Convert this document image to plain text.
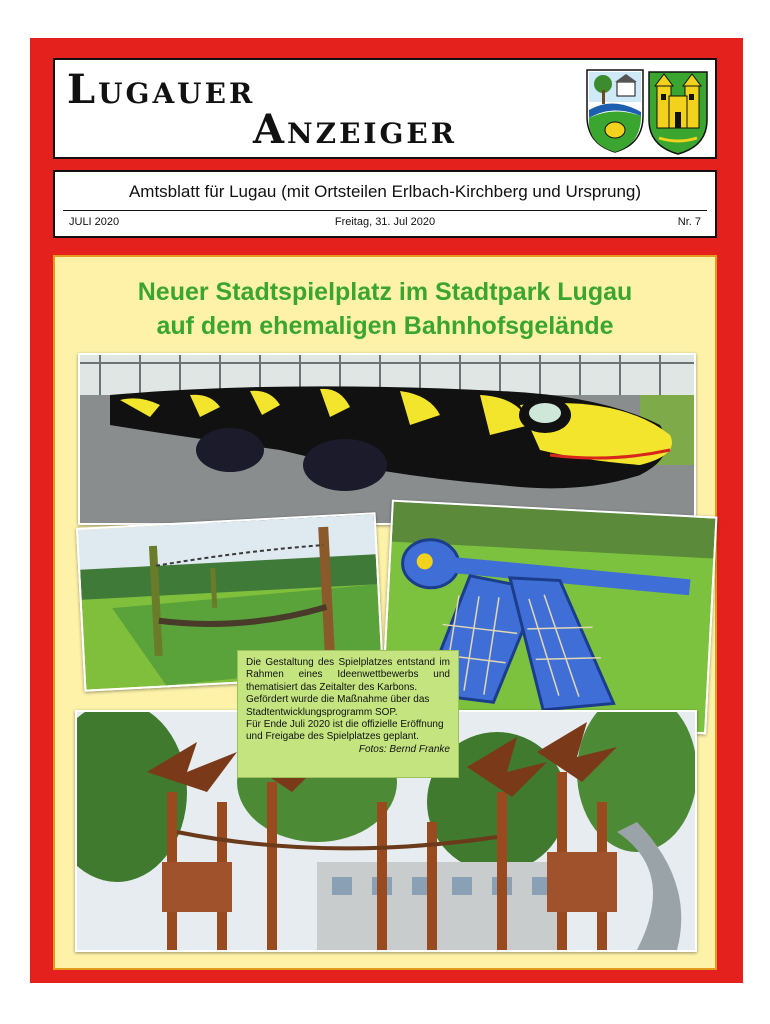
Lugauer
Anzeiger
Amtsblatt für Lugau (mit Ortsteilen Erlbach-Kirchberg und Ursprung)
JULI 2020	Freitag, 31. Jul 2020	Nr. 7
Neuer Stadtspielplatz im Stadtpark Lugau
auf dem ehemaligen Bahnhofsgelände

Die Gestaltung des Spielplatzes entstand im Rahmen eines Ideenwettbewerbs und thematisiert das Zeitalter des Karbons.

Gefördert wurde die Maßnahme über das Stadtentwicklungsprogramm SOP.

Für Ende Juli 2020 ist die offizielle Eröffnung und Freigabe des Spielplatzes geplant.
Fotos: Bernd Franke
